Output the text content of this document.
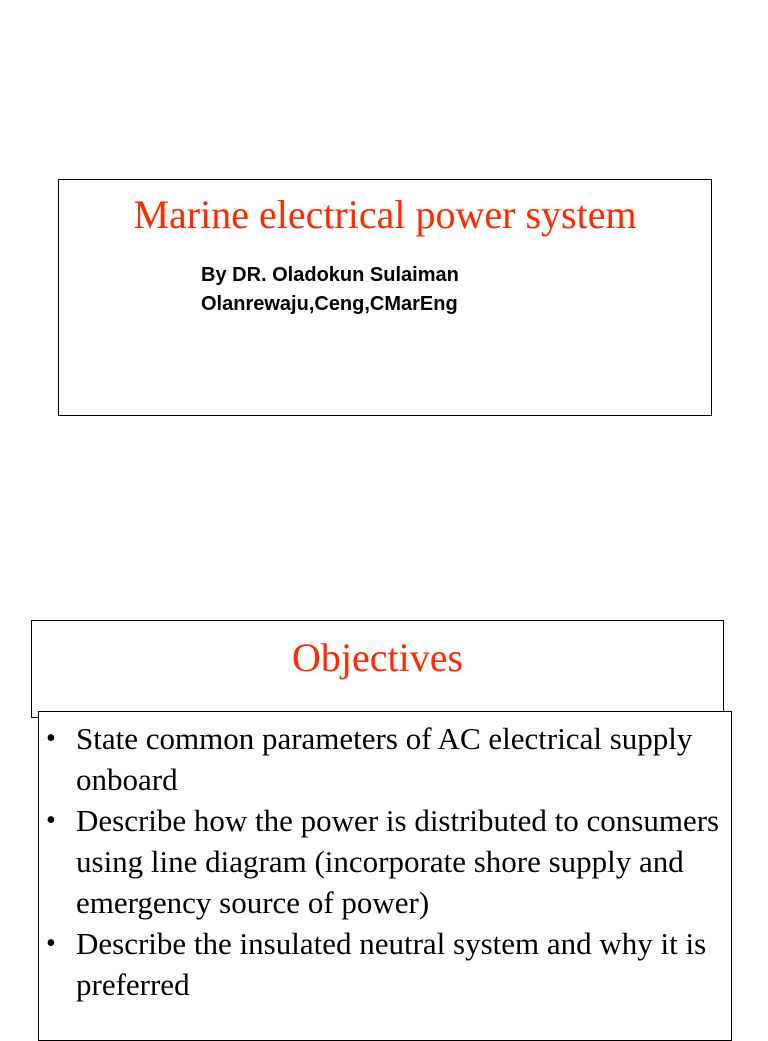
Marine electrical power system
By DR. Oladokun Sulaiman
Olanrewaju,Ceng,CMarEng
Objectives
• State common parameters of AC electrical supply onboard
• Describe how the power is distributed to consumers using line diagram (incorporate shore supply and emergency source of power)
• Describe the insulated neutral system and why it is preferred
